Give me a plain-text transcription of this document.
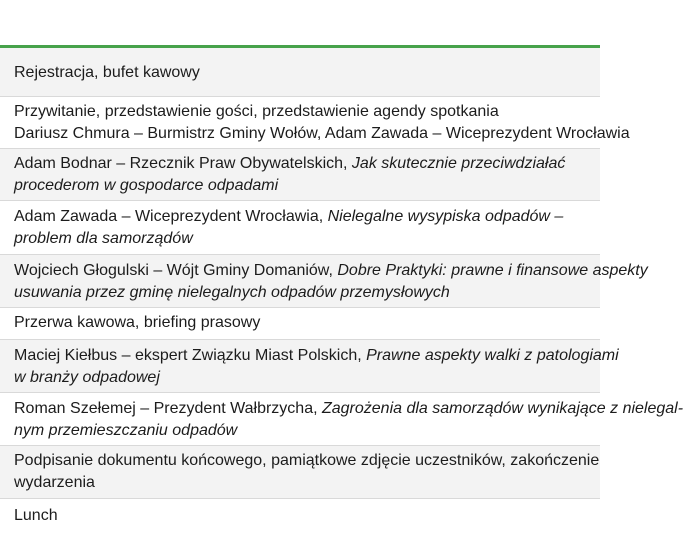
Rejestracja, bufet kawowy
Przywitanie, przedstawienie gości, przedstawienie agendy spotkania
Dariusz Chmura – Burmistrz Gminy Wołów, Adam Zawada – Wiceprezydent Wrocławia
Adam Bodnar – Rzecznik Praw Obywatelskich, Jak skutecznie przeciwdziałać
procederom w gospodarce odpadami
Adam Zawada – Wiceprezydent Wrocławia, Nielegalne wysypiska odpadów –
problem dla samorządów
Wojciech Głogulski – Wójt Gminy Domaniów, Dobre Praktyki: prawne i finansowe aspekty
usuwania przez gminę nielegalnych odpadów przemysłowych
Przerwa kawowa, briefing prasowy
Maciej Kiełbus – ekspert Związku Miast Polskich, Prawne aspekty walki z patologiami
w branży odpadowej
Roman Szełemej – Prezydent Wałbrzycha, Zagrożenia dla samorządów wynikające z nielegal-
nym przemieszczaniu odpadów
Podpisanie dokumentu końcowego, pamiątkowe zdjęcie uczestników, zakończenie
wydarzenia
Lunch
